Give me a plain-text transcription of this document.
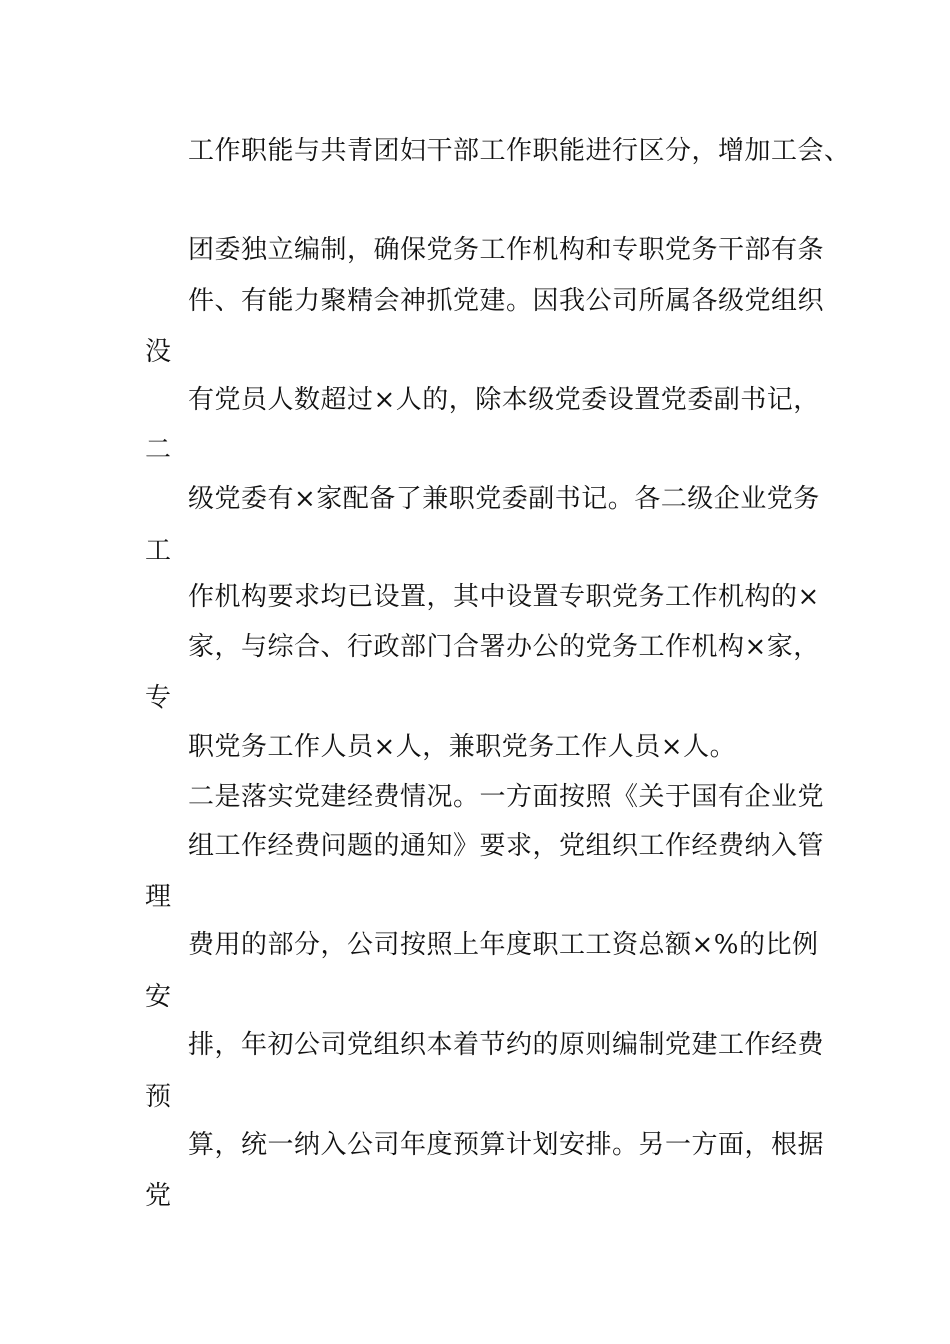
工作职能与共青团妇干部工作职能进行区分，增加工会、
团委独立编制，确保党务工作机构和专职党务干部有条
件、有能力聚精会神抓党建。因我公司所属各级党组织
没
有党员人数超过×人的，除本级党委设置党委副书记，
二
级党委有×家配备了兼职党委副书记。各二级企业党务
工
作机构要求均已设置，其中设置专职党务工作机构的×
家，与综合、行政部门合署办公的党务工作机构×家，
专
职党务工作人员×人，兼职党务工作人员×人。
二是落实党建经费情况。一方面按照《关于国有企业党
组工作经费问题的通知》要求，党组织工作经费纳入管
理
费用的部分，公司按照上年度职工工资总额×%的比例
安
排，年初公司党组织本着节约的原则编制党建工作经费
预
算，统一纳入公司年度预算计划安排。另一方面，根据
党
